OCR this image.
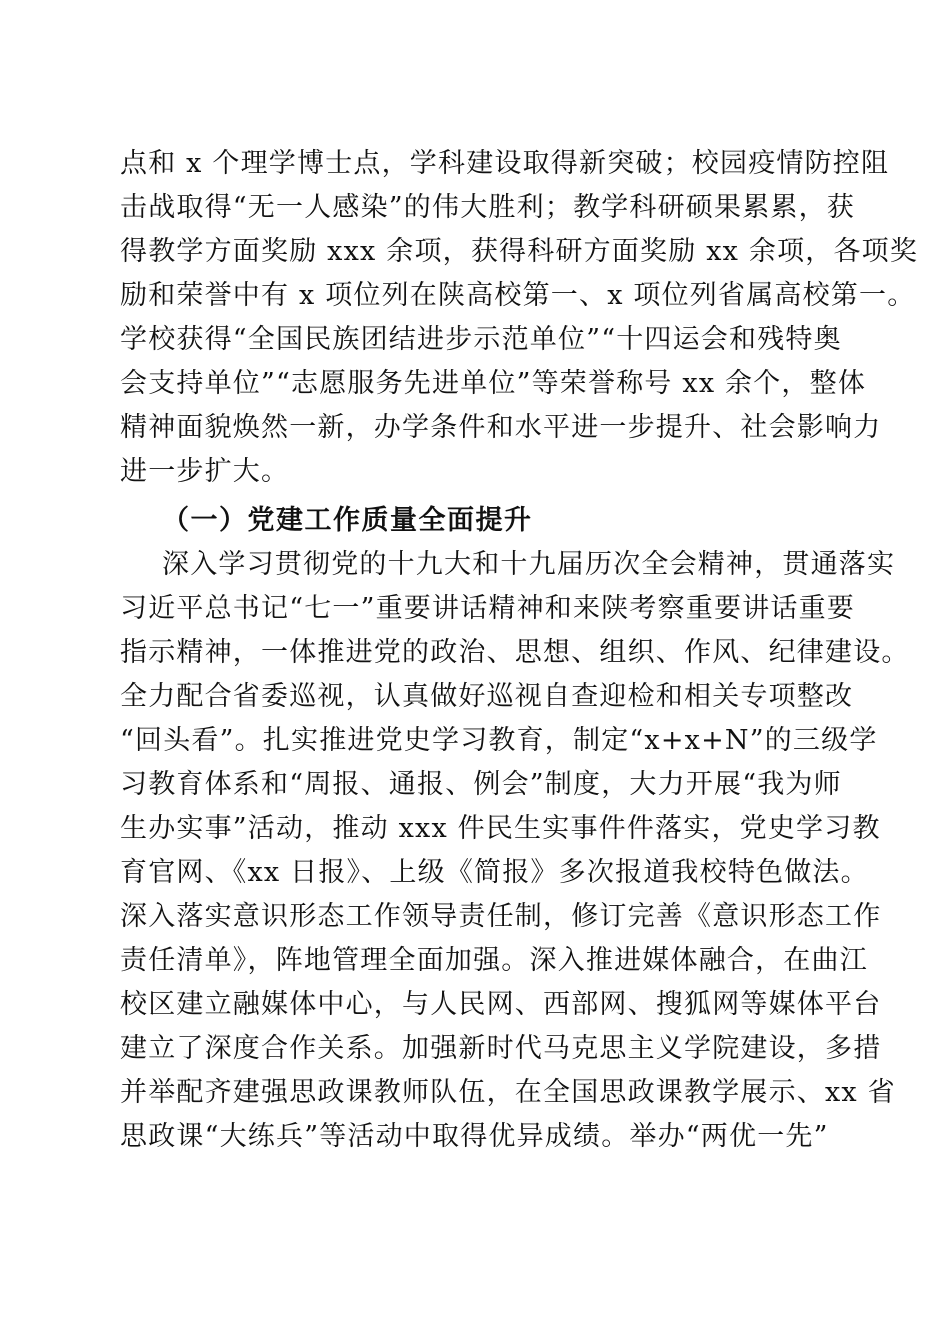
点和 x 个理学博士点，学科建设取得新突破；校园疫情防控阻
击战取得“无一人感染”的伟大胜利；教学科研硕果累累，获
得教学方面奖励 xxx 余项，获得科研方面奖励 xx 余项，各项奖
励和荣誉中有 x 项位列在陕高校第一、x 项位列省属高校第一。
学校获得“全国民族团结进步示范单位”“十四运会和残特奥
会支持单位”“志愿服务先进单位”等荣誉称号 xx 余个，整体
精神面貌焕然一新，办学条件和水平进一步提升、社会影响力
进一步扩大。
（一）党建工作质量全面提升
深入学习贯彻党的十九大和十九届历次全会精神，贯通落实
习近平总书记“七一”重要讲话精神和来陕考察重要讲话重要
指示精神，一体推进党的政治、思想、组织、作风、纪律建设。
全力配合省委巡视，认真做好巡视自查迎检和相关专项整改
“回头看”。扎实推进党史学习教育，制定“x+x+N”的三级学
习教育体系和“周报、通报、例会”制度，大力开展“我为师
生办实事”活动，推动 xxx 件民生实事件件落实，党史学习教
育官网、《xx 日报》、上级《简报》多次报道我校特色做法。
深入落实意识形态工作领导责任制，修订完善《意识形态工作
责任清单》，阵地管理全面加强。深入推进媒体融合，在曲江
校区建立融媒体中心，与人民网、西部网、搜狐网等媒体平台
建立了深度合作关系。加强新时代马克思主义学院建设，多措
并举配齐建强思政课教师队伍，在全国思政课教学展示、xx 省
思政课“大练兵”等活动中取得优异成绩。举办“两优一先”
